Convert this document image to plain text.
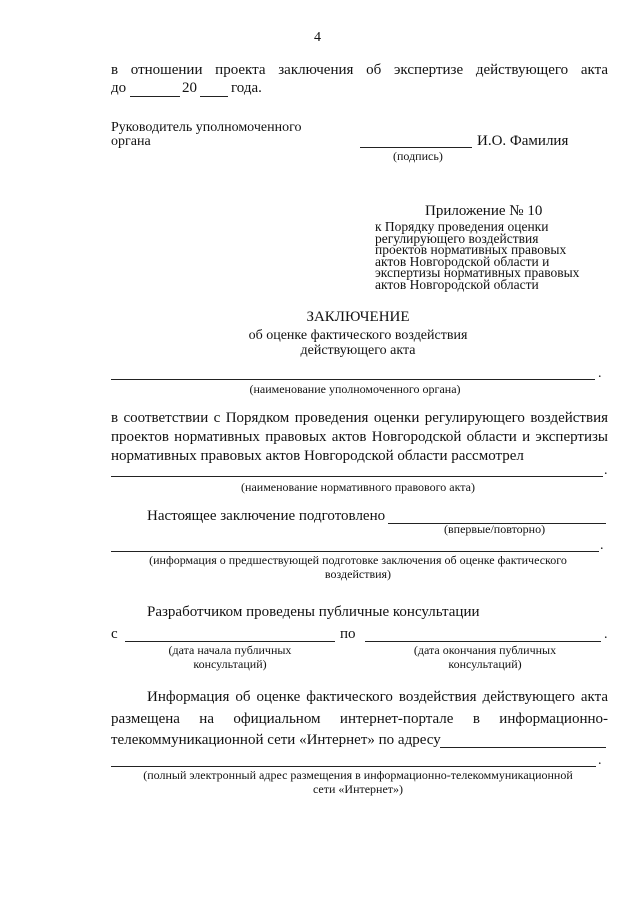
4
в отношении проекта заключения об экспертизе действующего акта
до	20 года.
Руководитель уполномоченного
органа	И.О. Фамилия
(подпись)
Приложение № 10
к Порядку проведения оценки
регулирующего воздействия
проектов нормативных правовых
актов Новгородской области и
экспертизы нормативных правовых
актов Новгородской области
ЗАКЛЮЧЕНИЕ
об оценке фактического воздействия
действующего акта
.
(наименование уполномоченного органа)
в соответствии с Порядком проведения оценки регулирующего воздействия
проектов нормативных правовых актов Новгородской области и экспертизы
нормативных правовых актов Новгородской области рассмотрел
.
(наименование нормативного правового акта)
Настоящее заключение подготовлено
(впервые/повторно)
.
(информация о предшествующей подготовке заключения об оценке фактического
воздействия)
Разработчиком проведены публичные консультации
с	по	.
(дата начала публичных
консультаций)
(дата окончания публичных
консультаций)
Информация об оценке фактического воздействия действующего акта
размещена на официальном интернет-портале в информационно-
телекоммуникационной сети «Интернет» по адресу
.
(полный электронный адрес размещения в информационно-телекоммуникационной
сети «Интернет»)
